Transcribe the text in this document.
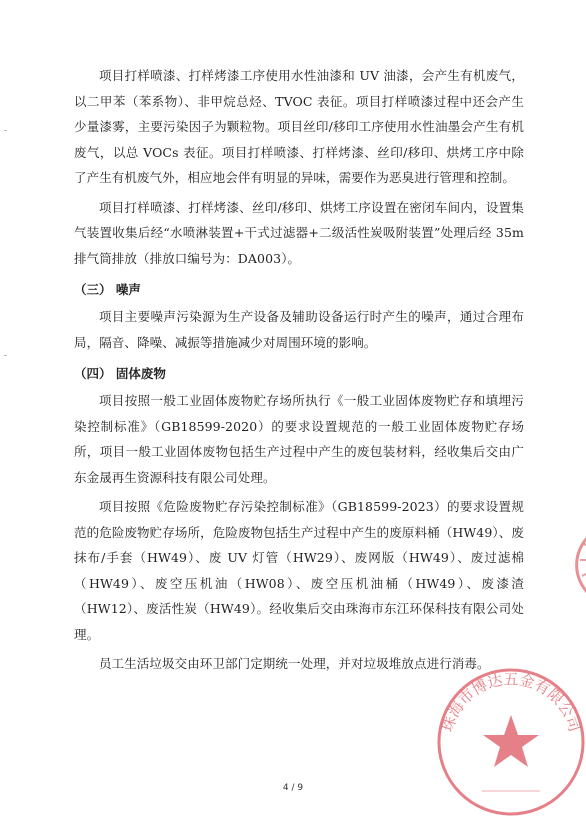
项目打样喷漆、打样烤漆工序使用水性油漆和 UV 油漆，会产生有机废气，以二甲苯（苯系物）、非甲烷总烃、TVOC 表征。项目打样喷漆过程中还会产生少量漆雾，主要污染因子为颗粒物。项目丝印/移印工序使用水性油墨会产生有机废气，以总 VOCs 表征。项目打样喷漆、打样烤漆、丝印/移印、烘烤工序中除了产生有机废气外，相应地会伴有明显的异味，需要作为恶臭进行管理和控制。

项目打样喷漆、打样烤漆、丝印/移印、烘烤工序设置在密闭车间内，设置集气装置收集后经“水喷淋装置+干式过滤器+二级活性炭吸附装置”处理后经 35m 排气筒排放（排放口编号为：DA003）。

（三） 噪声

项目主要噪声污染源为生产设备及辅助设备运行时产生的噪声，通过合理布局，隔音、降噪、减振等措施减少对周围环境的影响。

（四） 固体废物

项目按照一般工业固体废物贮存场所执行《一般工业固体废物贮存和填埋污染控制标准》（GB18599-2020）的要求设置规范的一般工业固体废物贮存场所，项目一般工业固体废物包括生产过程中产生的废包装材料，经收集后交由广东金晟再生资源科技有限公司处理。

项目按照《危险废物贮存污染控制标准》（GB18599-2023）的要求设置规范的危险废物贮存场所，危险废物包括生产过程中产生的废原料桶（HW49）、废抹布/手套（HW49）、废 UV 灯管（HW29）、废网版（HW49）、废过滤棉（HW49）、废空压机油（HW08）、废空压机油桶（HW49）、废漆渣（HW12）、废活性炭（HW49）。经收集后交由珠海市东江环保科技有限公司处理。

员工生活垃圾交由环卫部门定期统一处理，并对垃圾堆放点进行消毒。

珠海市博达五金有限公司
4 / 9
